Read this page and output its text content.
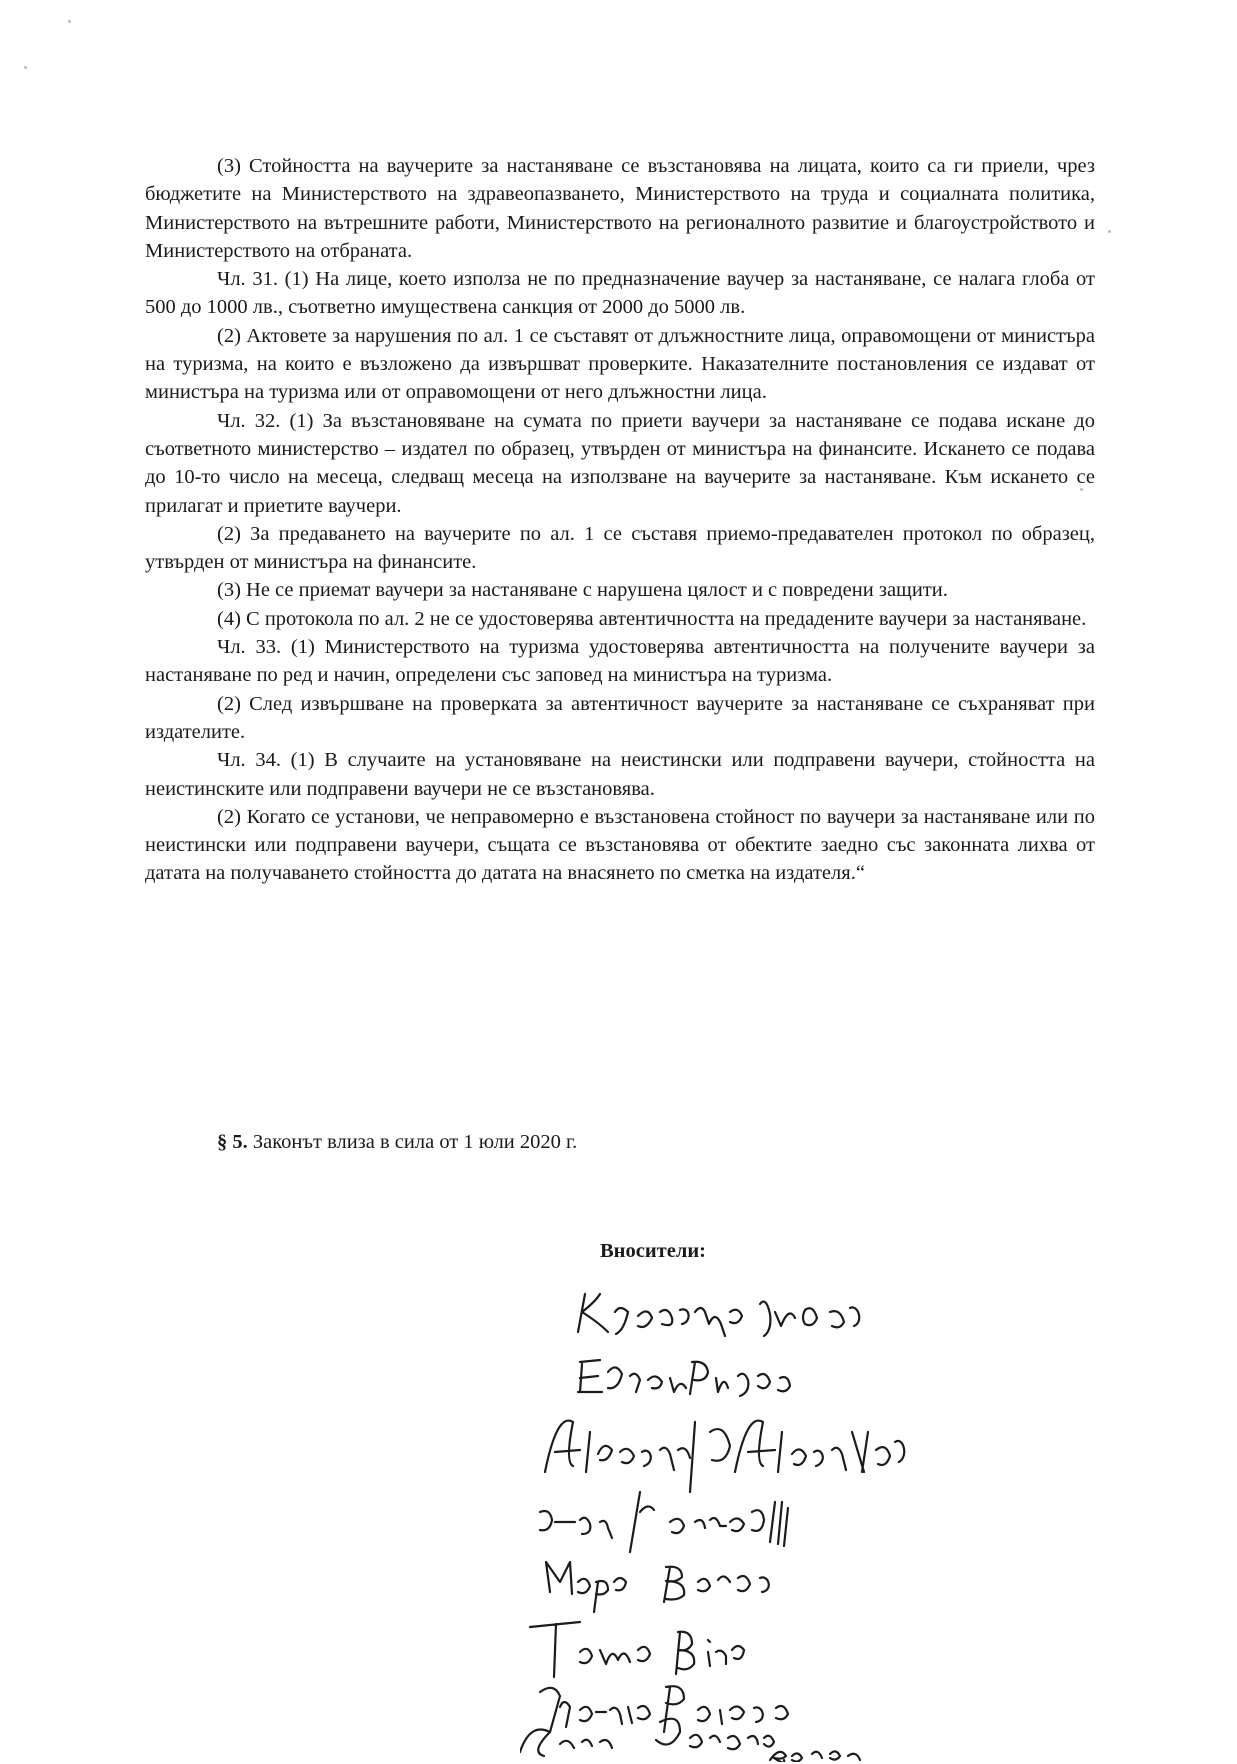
(3) Стойността на ваучерите за настаняване се възстановява на лицата, които са ги приели, чрез бюджетите на Министерството на здравеопазването, Министерството на труда и социалната политика, Министерството на вътрешните работи, Министерството на регионалното развитие и благоустройството и Министерството на отбраната.

Чл. 31. (1) На лице, което използа не по предназначение ваучер за настаняване, се налага глоба от 500 до 1000 лв., съответно имуществена санкция от 2000 до 5000 лв.

(2) Актовете за нарушения по ал. 1 се съставят от длъжностните лица, оправомощени от министъра на туризма, на които е възложено да извършват проверките. Наказателните постановления се издават от министъра на туризма или от оправомощени от него длъжностни лица.

Чл. 32. (1) За възстановяване на сумата по приети ваучери за настаняване се подава искане до съответното министерство – издател по образец, утвърден от министъра на финансите. Искането се подава до 10-то число на месеца, следващ месеца на използване на ваучерите за настаняване. Към искането се прилагат и приетите ваучери.

(2) За предаването на ваучерите по ал. 1 се съставя приемо-предавателен протокол по образец, утвърден от министъра на финансите.

(3) Не се приемат ваучери за настаняване с нарушена цялост и с повредени защити.

(4) С протокола по ал. 2 не се удостоверява автентичността на предадените ваучери за настаняване.

Чл. 33. (1) Министерството на туризма удостоверява автентичността на получените ваучери за настаняване по ред и начин, определени със заповед на министъра на туризма.

(2) След извършване на проверката за автентичност ваучерите за настаняване се съхраняват при издателите.

Чл. 34. (1) В случаите на установяване на неистински или подправени ваучери, стойността на неистинските или подправени ваучери не се възстановява.

(2) Когато се установи, че неправомерно е възстановена стойност по ваучери за настаняване или по неистински или подправени ваучери, същата се възстановява от обектите заедно със законната лихва от датата на получаването стойността до датата на внасянето по сметка на издателя.“

§ 5. Законът влиза в сила от 1 юли 2020 г.
Вносители:
